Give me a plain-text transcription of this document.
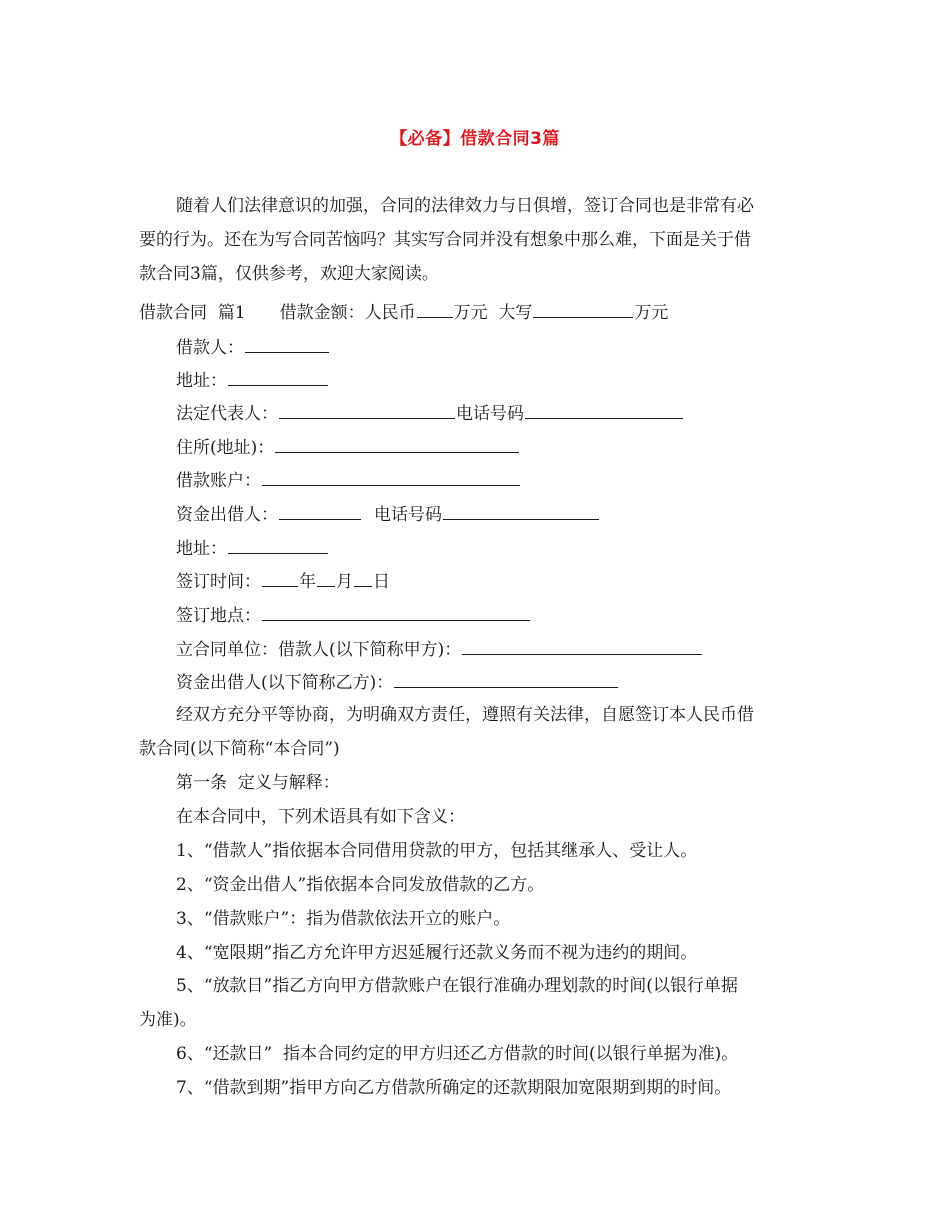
【必备】借款合同3篇
随着人们法律意识的加强，合同的法律效力与日俱增，签订合同也是非常有必
要的行为。还在为写合同苦恼吗？其实写合同并没有想象中那么难，下面是关于借
款合同3篇，仅供参考，欢迎大家阅读。
借款合同  篇1 借款金额：人民币 万元  大写	万元
借款人：
地址：
法定代表人：	电话号码
住所(地址)：
借款账户：
资金出借人：	电话号码
地址：
签订时间： 年 月 日
签订地点：
立合同单位：借款人(以下简称甲方)：
资金出借人(以下简称乙方)：
经双方充分平等协商，为明确双方责任，遵照有关法律，自愿签订本人民币借
款合同(以下简称“本合同”)
第一条  定义与解释：
在本合同中，下列术语具有如下含义：
1、“借款人”指依据本合同借用贷款的甲方，包括其继承人、受让人。
2、“资金出借人”指依据本合同发放借款的乙方。
3、“借款账户”：指为借款依法开立的账户。
4、“宽限期”指乙方允许甲方迟延履行还款义务而不视为违约的期间。
5、“放款日”指乙方向甲方借款账户在银行准确办理划款的时间(以银行单据
为准)。
6、“还款日”  指本合同约定的甲方归还乙方借款的时间(以银行单据为准)。
7、“借款到期”指甲方向乙方借款所确定的还款期限加宽限期到期的时间。
